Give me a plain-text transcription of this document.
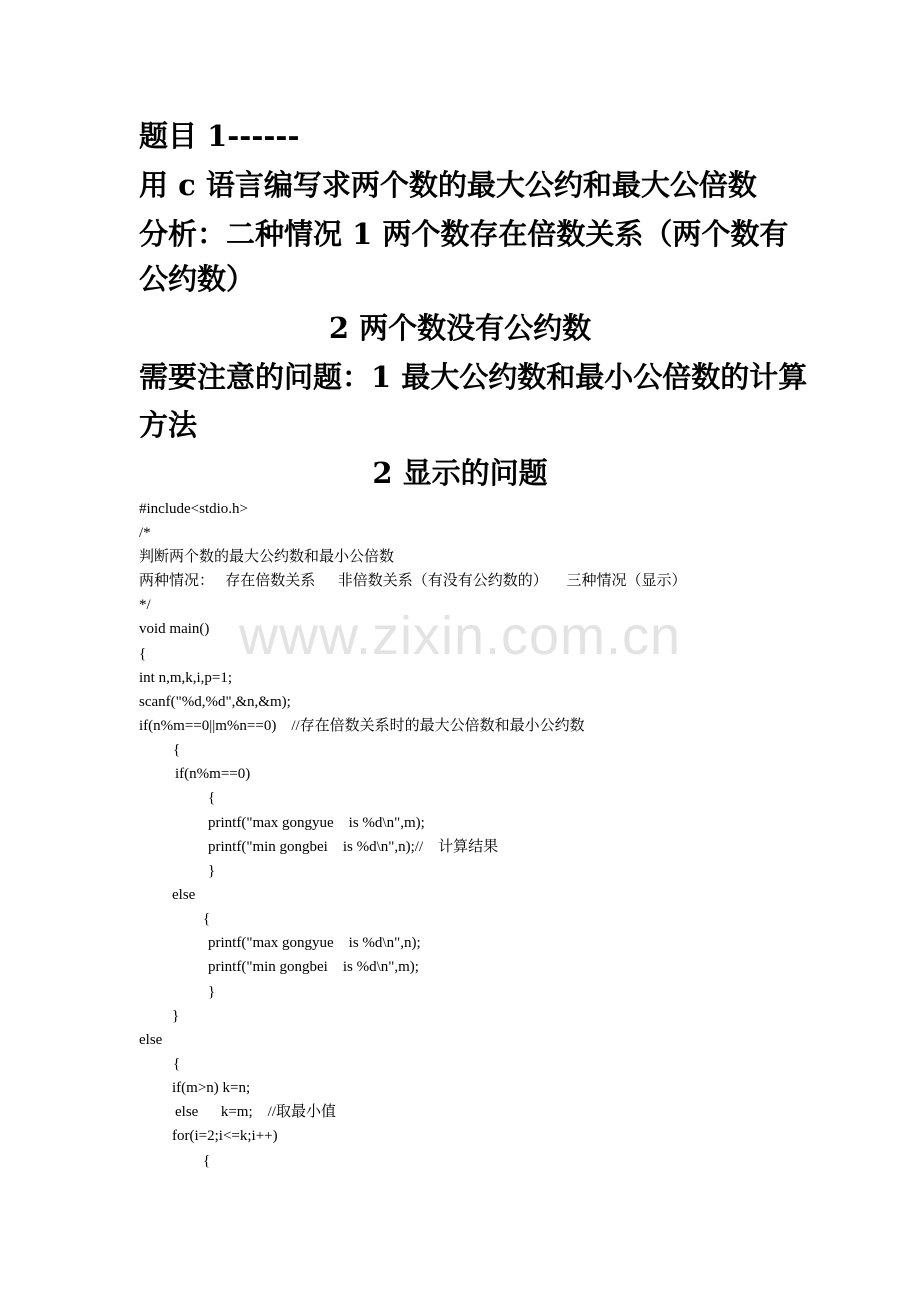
www.zixin.com.cn
题目 1------
用 c 语言编写求两个数的最大公约和最大公倍数
分析：二种情况 1 两个数存在倍数关系（两个数有
公约数）
2 两个数没有公约数
需要注意的问题：1 最大公约数和最小公倍数的计算
方法
2 显示的问题
#include<stdio.h>
/*
判断两个数的最大公约数和最小公倍数
两种情况：   存在倍数关系      非倍数关系（有没有公约数的）     三种情况（显示）
*/
void main()
{
int n,m,k,i,p=1;
scanf("%d,%d",&n,&m);
if(n%m==0||m%n==0)    //存在倍数关系时的最大公倍数和最小公约数
{
if(n%m==0)
{
printf("max gongyue    is %d\n",m);
printf("min gongbei    is %d\n",n);//    计算结果
}
else
{
printf("max gongyue    is %d\n",n);
printf("min gongbei    is %d\n",m);
}
}
else
{
if(m>n) k=n;
else      k=m;    //取最小值
for(i=2;i<=k;i++)
{
